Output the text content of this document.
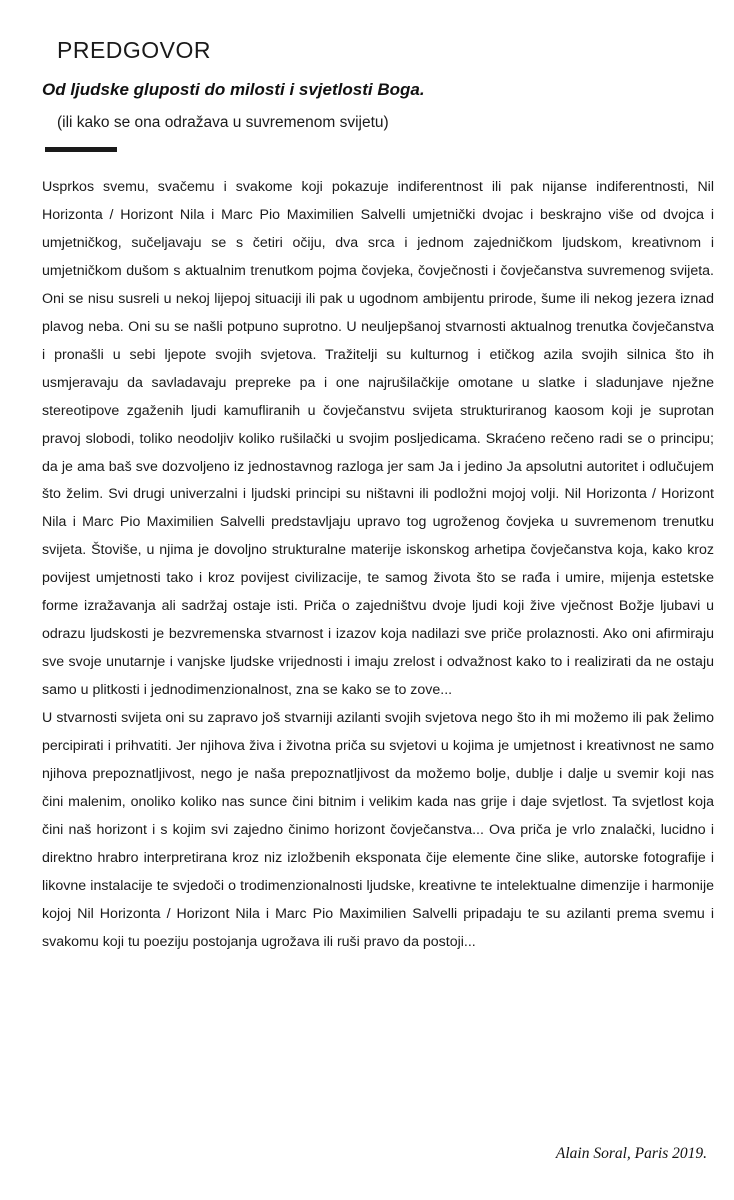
PREDGOVOR
Od ljudske gluposti do milosti i svjetlosti Boga.
(ili kako se ona odražava u suvremenom svijetu)

Usprkos svemu, svačemu i svakome koji pokazuje indiferentnost ili pak nijanse indiferentnosti, Nil Horizonta / Horizont Nila i Marc Pio Maximilien Salvelli umjetnički dvojac i beskrajno više od dvojca i umjetničkog, sučeljavaju se s četiri očiju, dva srca i jednom zajedničkom ljudskom, kreativnom i umjetničkom dušom s aktualnim trenutkom pojma čovjeka, čovječnosti i čovječanstva suvremenog svijeta. Oni se nisu susreli u nekoj lijepoj situaciji ili pak u ugodnom ambijentu prirode, šume ili nekog jezera iznad plavog neba. Oni su se našli potpuno suprotno. U neuljepšanoj stvarnosti aktualnog trenutka čovječanstva i pronašli u sebi ljepote svojih svjetova. Tražitelji su kulturnog i etičkog azila svojih silnica što ih usmjeravaju da savladavaju prepreke pa i one najrušilačkije omotane u slatke i sladunjave nježne stereotipove zgaženih ljudi kamufliranih u čovječanstvu svijeta strukturiranog kaosom koji je suprotan pravoj slobodi, toliko neodoljiv koliko rušilački u svojim posljedicama. Skraćeno rečeno radi se o principu; da je ama baš sve dozvoljeno iz jednostavnog razloga jer sam Ja i jedino Ja apsolutni autoritet i odlučujem što želim. Svi drugi univerzalni i ljudski principi su ništavni ili podložni mojoj volji. Nil Horizonta / Horizont Nila i Marc Pio Maximilien Salvelli predstavljaju upravo tog ugroženog čovjeka u suvremenom trenutku svijeta. Štoviše, u njima je dovoljno strukturalne materije iskonskog arhetipa čovječanstva koja, kako kroz povijest umjetnosti tako i kroz povijest civilizacije, te samog života što se rađa i umire, mijenja estetske forme izražavanja ali sadržaj ostaje isti. Priča o zajedništvu dvoje ljudi koji žive vječnost Božje ljubavi u odrazu ljudskosti je bezvremenska stvarnost i izazov koja nadilazi sve priče prolaznosti. Ako oni afirmiraju sve svoje unutarnje i vanjske ljudske vrijednosti i imaju zrelost i odvažnost kako to i realizirati da ne ostaju samo u plitkosti i jednodimenzionalnost, zna se kako se to zove...

U stvarnosti svijeta oni su zapravo još stvarniji azilanti svojih svjetova nego što ih mi možemo ili pak želimo percipirati i prihvatiti. Jer njihova živa i životna priča su svjetovi u kojima je umjetnost i kreativnost ne samo njihova prepoznatljivost, nego je naša prepoznatljivost da možemo bolje, dublje i dalje u svemir koji nas čini malenim, onoliko koliko nas sunce čini bitnim i velikim kada nas grije i daje svjetlost. Ta svjetlost koja čini naš horizont i s kojim svi zajedno činimo horizont čovječanstva... Ova priča je vrlo znalački, lucidno i direktno hrabro interpretirana kroz niz izložbenih eksponata čije elemente čine slike, autorske fotografije i likovne instalacije te svjedoči o trodimenzionalnosti ljudske, kreativne te intelektualne dimenzije i harmonije kojoj Nil Horizonta / Horizont Nila i Marc Pio Maximilien Salvelli pripadaju te su azilanti prema svemu i svakomu koji tu poeziju postojanja ugrožava ili ruši pravo da postoji...

Alain Soral, Paris 2019.
